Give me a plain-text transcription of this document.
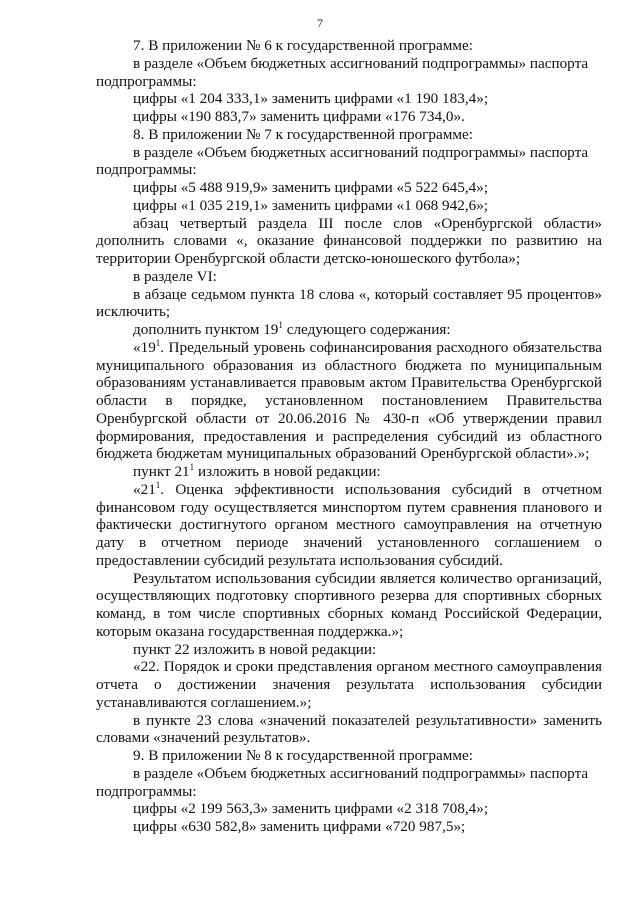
7

7. В приложении № 6 к государственной программе:

в разделе «Объем бюджетных ассигнований подпрограммы» паспорта

подпрограммы:

цифры «1 204 333,1» заменить цифрами «1 190 183,4»;

цифры «190 883,7» заменить цифрами «176 734,0».

8. В приложении № 7 к государственной программе:

в разделе «Объем бюджетных ассигнований подпрограммы» паспорта

подпрограммы:

цифры «5 488 919,9» заменить цифрами «5 522 645,4»;

цифры «1 035 219,1» заменить цифрами «1 068 942,6»;

абзац четвертый раздела III после слов «Оренбургской области» дополнить словами «, оказание финансовой поддержки по развитию на территории Оренбургской области детско-юношеского футбола»;

в разделе VI:

в абзаце седьмом пункта 18 слова «, который составляет 95 процентов» исключить;

дополнить пунктом $19^1$ следующего содержания:

«$19^1$. Предельный уровень софинансирования расходного обязательства муниципального образования из областного бюджета по муниципальным образованиям устанавливается правовым актом Правительства Оренбургской области в порядке, установленном постановлением Правительства Оренбургской области от 20.06.2016 № 430-п «Об утверждении правил формирования, предоставления и распределения субсидий из областного бюджета бюджетам муниципальных образований Оренбургской области».»;

пункт $21^1$ изложить в новой редакции:

«$21^1$. Оценка эффективности использования субсидий в отчетном финансовом году осуществляется минспортом путем сравнения планового и фактически достигнутого органом местного самоуправления на отчетную дату в отчетном периоде значений установленного соглашением о предоставлении субсидий результата использования субсидий.

Результатом использования субсидии является количество организаций, осуществляющих подготовку спортивного резерва для спортивных сборных команд, в том числе спортивных сборных команд Российской Федерации, которым оказана государственная поддержка.»;

пункт 22 изложить в новой редакции:

«22. Порядок и сроки представления органом местного самоуправления отчета о достижении значения результата использования субсидии устанавливаются соглашением.»;

в пункте 23 слова «значений показателей результативности» заменить словами «значений результатов».

9. В приложении № 8 к государственной программе:

в разделе «Объем бюджетных ассигнований подпрограммы» паспорта

подпрограммы:

цифры «2 199 563,3» заменить цифрами «2 318 708,4»;

цифры «630 582,8» заменить цифрами «720 987,5»;
